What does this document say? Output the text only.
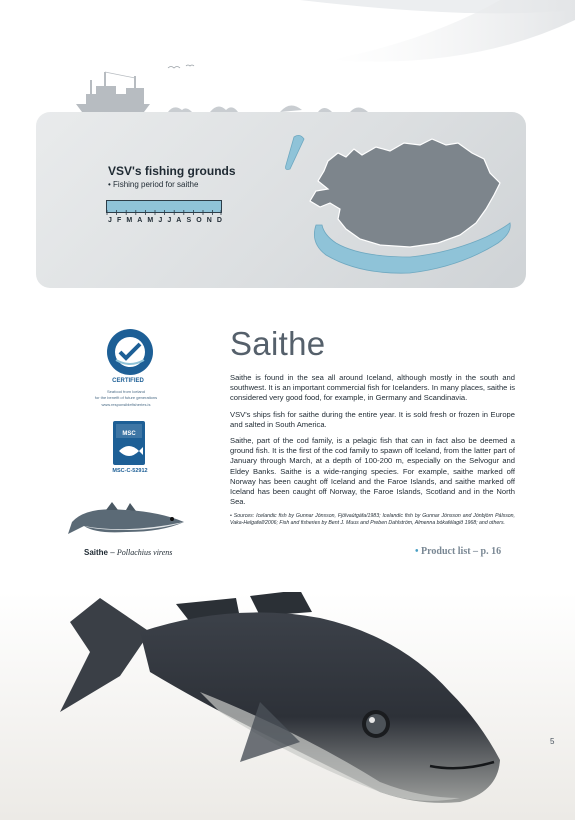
VSV's fishing grounds
• Fishing period for saithe
J F M A M J J A S O N D
CERTIFIED
Seafood from Iceland
for the benefit of future generations
www.responsiblefisheries.is
MSC
MSC-C-52912
Saithe – Pollachius virens
Saithe

Saithe is found in the sea all around Iceland, although mostly in the south and southwest. It is an important commercial fish for Icelanders. In many places, saithe is considered very good food, for example, in Germany and Scandinavia.

VSV's ships fish for saithe during the entire year. It is sold fresh or frozen in Europe and salted in South America.

Saithe, part of the cod family, is a pelagic fish that can in fact also be deemed a ground fish. It is the first of the cod family to spawn off Iceland, from the latter part of January through March, at a depth of 100-200 m, especially on the Selvogur and Eldey Banks. Saithe is a wide-ranging species. For example, saithe marked off Norway has been caught off Iceland and the Faroe Islands, and saithe marked off Iceland has been caught off Norway, the Faroe Islands, Scotland and in the North Sea.

• Sources: Icelandic fish by Gunnar Jónsson, Fjölvaútgáfa/1983; Icelandic fish by Gunnar Jónsson and Jónbjörn Pálsson, Vaka-Helgafell/2006; Fish and fisheries by Bent J. Muus and Preben Dahlström, Almenna bókafélagið 1968; and others.

• Product list – p. 16
5
